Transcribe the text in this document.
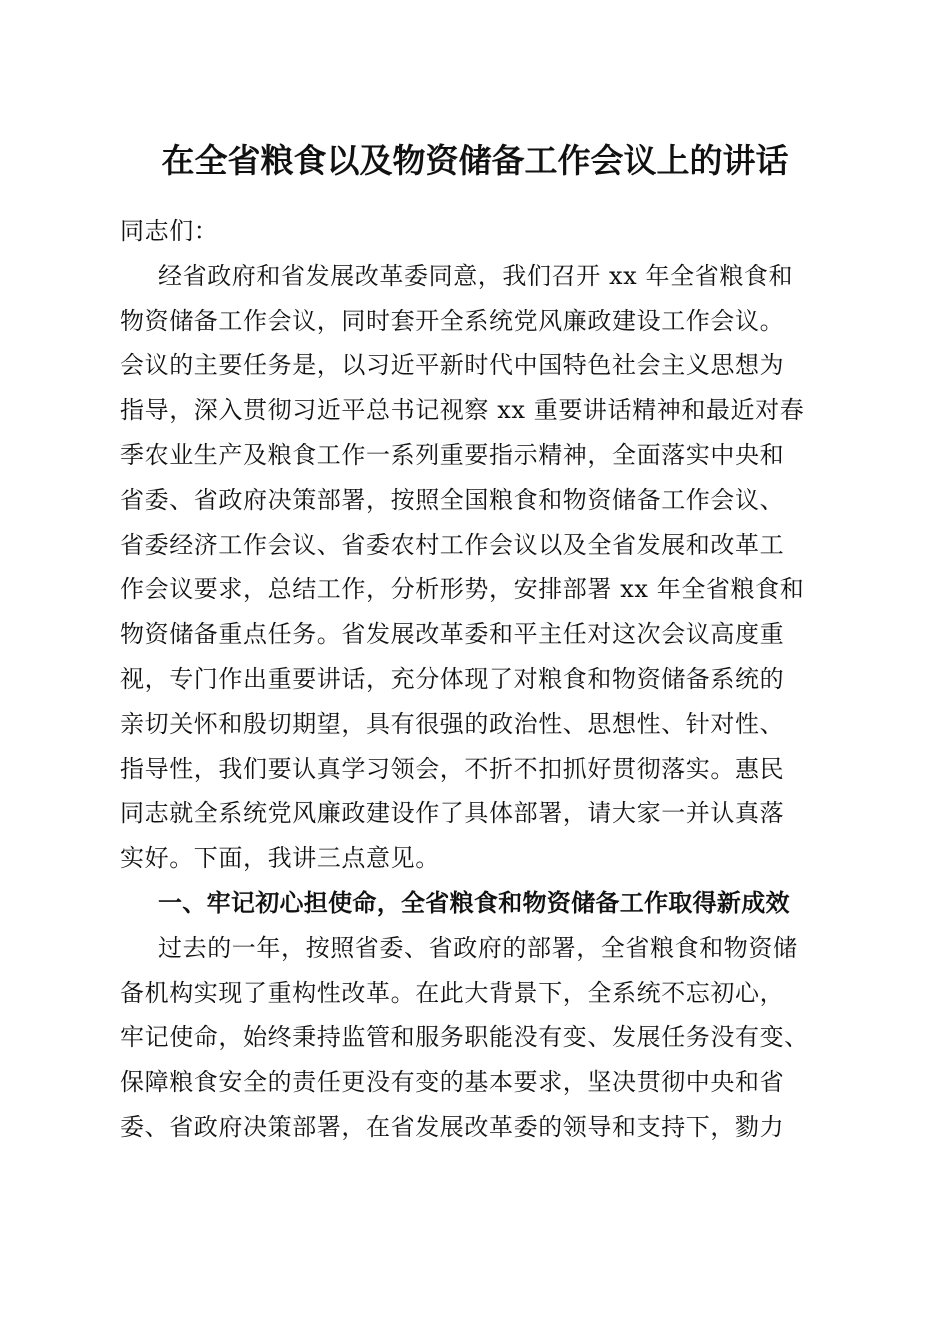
在全省粮食以及物资储备工作会议上的讲话
同志们：
经省政府和省发展改革委同意，我们召开 xx 年全省粮食和
物资储备工作会议，同时套开全系统党风廉政建设工作会议。
会议的主要任务是，以习近平新时代中国特色社会主义思想为
指导，深入贯彻习近平总书记视察 xx 重要讲话精神和最近对春
季农业生产及粮食工作一系列重要指示精神，全面落实中央和
省委、省政府决策部署，按照全国粮食和物资储备工作会议、
省委经济工作会议、省委农村工作会议以及全省发展和改革工
作会议要求，总结工作，分析形势，安排部署 xx 年全省粮食和
物资储备重点任务。省发展改革委和平主任对这次会议高度重
视，专门作出重要讲话，充分体现了对粮食和物资储备系统的
亲切关怀和殷切期望，具有很强的政治性、思想性、针对性、
指导性，我们要认真学习领会，不折不扣抓好贯彻落实。惠民
同志就全系统党风廉政建设作了具体部署，请大家一并认真落
实好。下面，我讲三点意见。
一、牢记初心担使命，全省粮食和物资储备工作取得新成效
过去的一年，按照省委、省政府的部署，全省粮食和物资储
备机构实现了重构性改革。在此大背景下，全系统不忘初心，
牢记使命，始终秉持监管和服务职能没有变、发展任务没有变、
保障粮食安全的责任更没有变的基本要求，坚决贯彻中央和省
委、省政府决策部署，在省发展改革委的领导和支持下，勠力
